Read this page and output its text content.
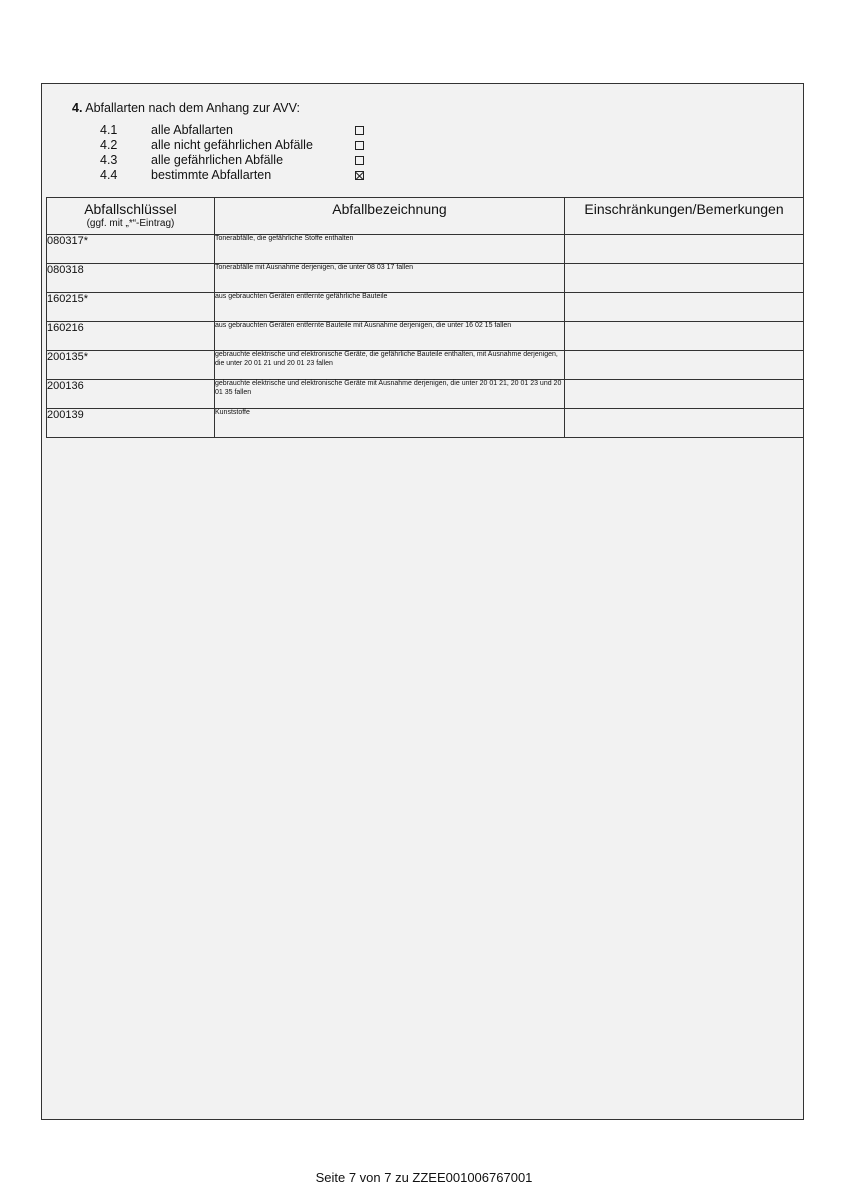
4. Abfallarten nach dem Anhang zur AVV:
4.1	alle Abfallarten
4.2	alle nicht gefährlichen Abfälle
4.3	alle gefährlichen Abfälle
4.4	bestimmte Abfallarten
Abfallschlüssel
(ggf. mit „*“-Eintrag)	Abfallbezeichnung	Einschränkungen/Bemerkungen

080317*	Tonerabfälle, die gefährliche Stoffe enthalten	
080318	Tonerabfälle mit Ausnahme derjenigen, die unter 08 03 17 fallen	
160215*	aus gebrauchten Geräten entfernte gefährliche Bauteile	
160216	aus gebrauchten Geräten entfernte Bauteile mit Ausnahme derjenigen, die unter 16 02 15 fallen	
200135*	gebrauchte elektrische und elektronische Geräte, die gefährliche Bauteile enthalten, mit Ausnahme derjenigen, die unter 20 01 21 und 20 01 23 fallen	
200136	gebrauchte elektrische und elektronische Geräte mit Ausnahme derjenigen, die unter 20 01 21, 20 01 23 und 20 01 35 fallen	
200139	Kunststoffe	
Seite 7 von 7 zu ZZEE001006767001
